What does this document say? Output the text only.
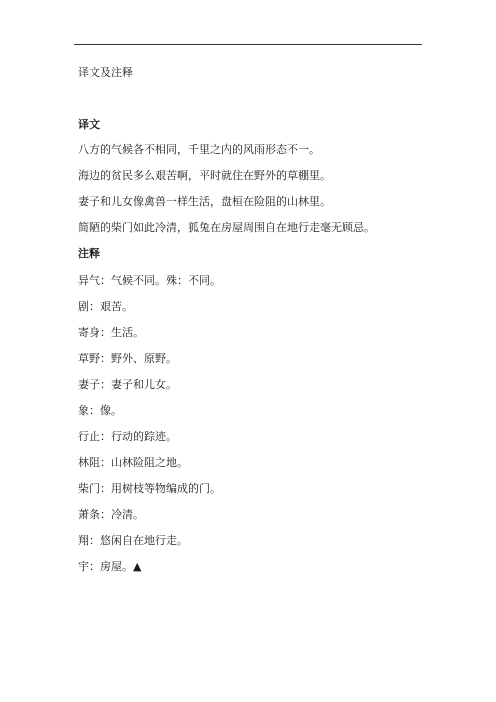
译文及注释
译文
八方的气候各不相同，千里之内的风雨形态不一。
海边的贫民多么艰苦啊，平时就住在野外的草棚里。
妻子和儿女像禽兽一样生活，盘桓在险阻的山林里。
简陋的柴门如此冷清，狐兔在房屋周围自在地行走毫无顾忌。
注释
异气：气候不同。殊：不同。
剧：艰苦。
寄身：生活。
草野：野外、原野。
妻子：妻子和儿女。
象：像。
行止：行动的踪迹。
林阻：山林险阻之地。
柴门：用树枝等物编成的门。
萧条：冷清。
翔：悠闲自在地行走。
宇：房屋。▲
